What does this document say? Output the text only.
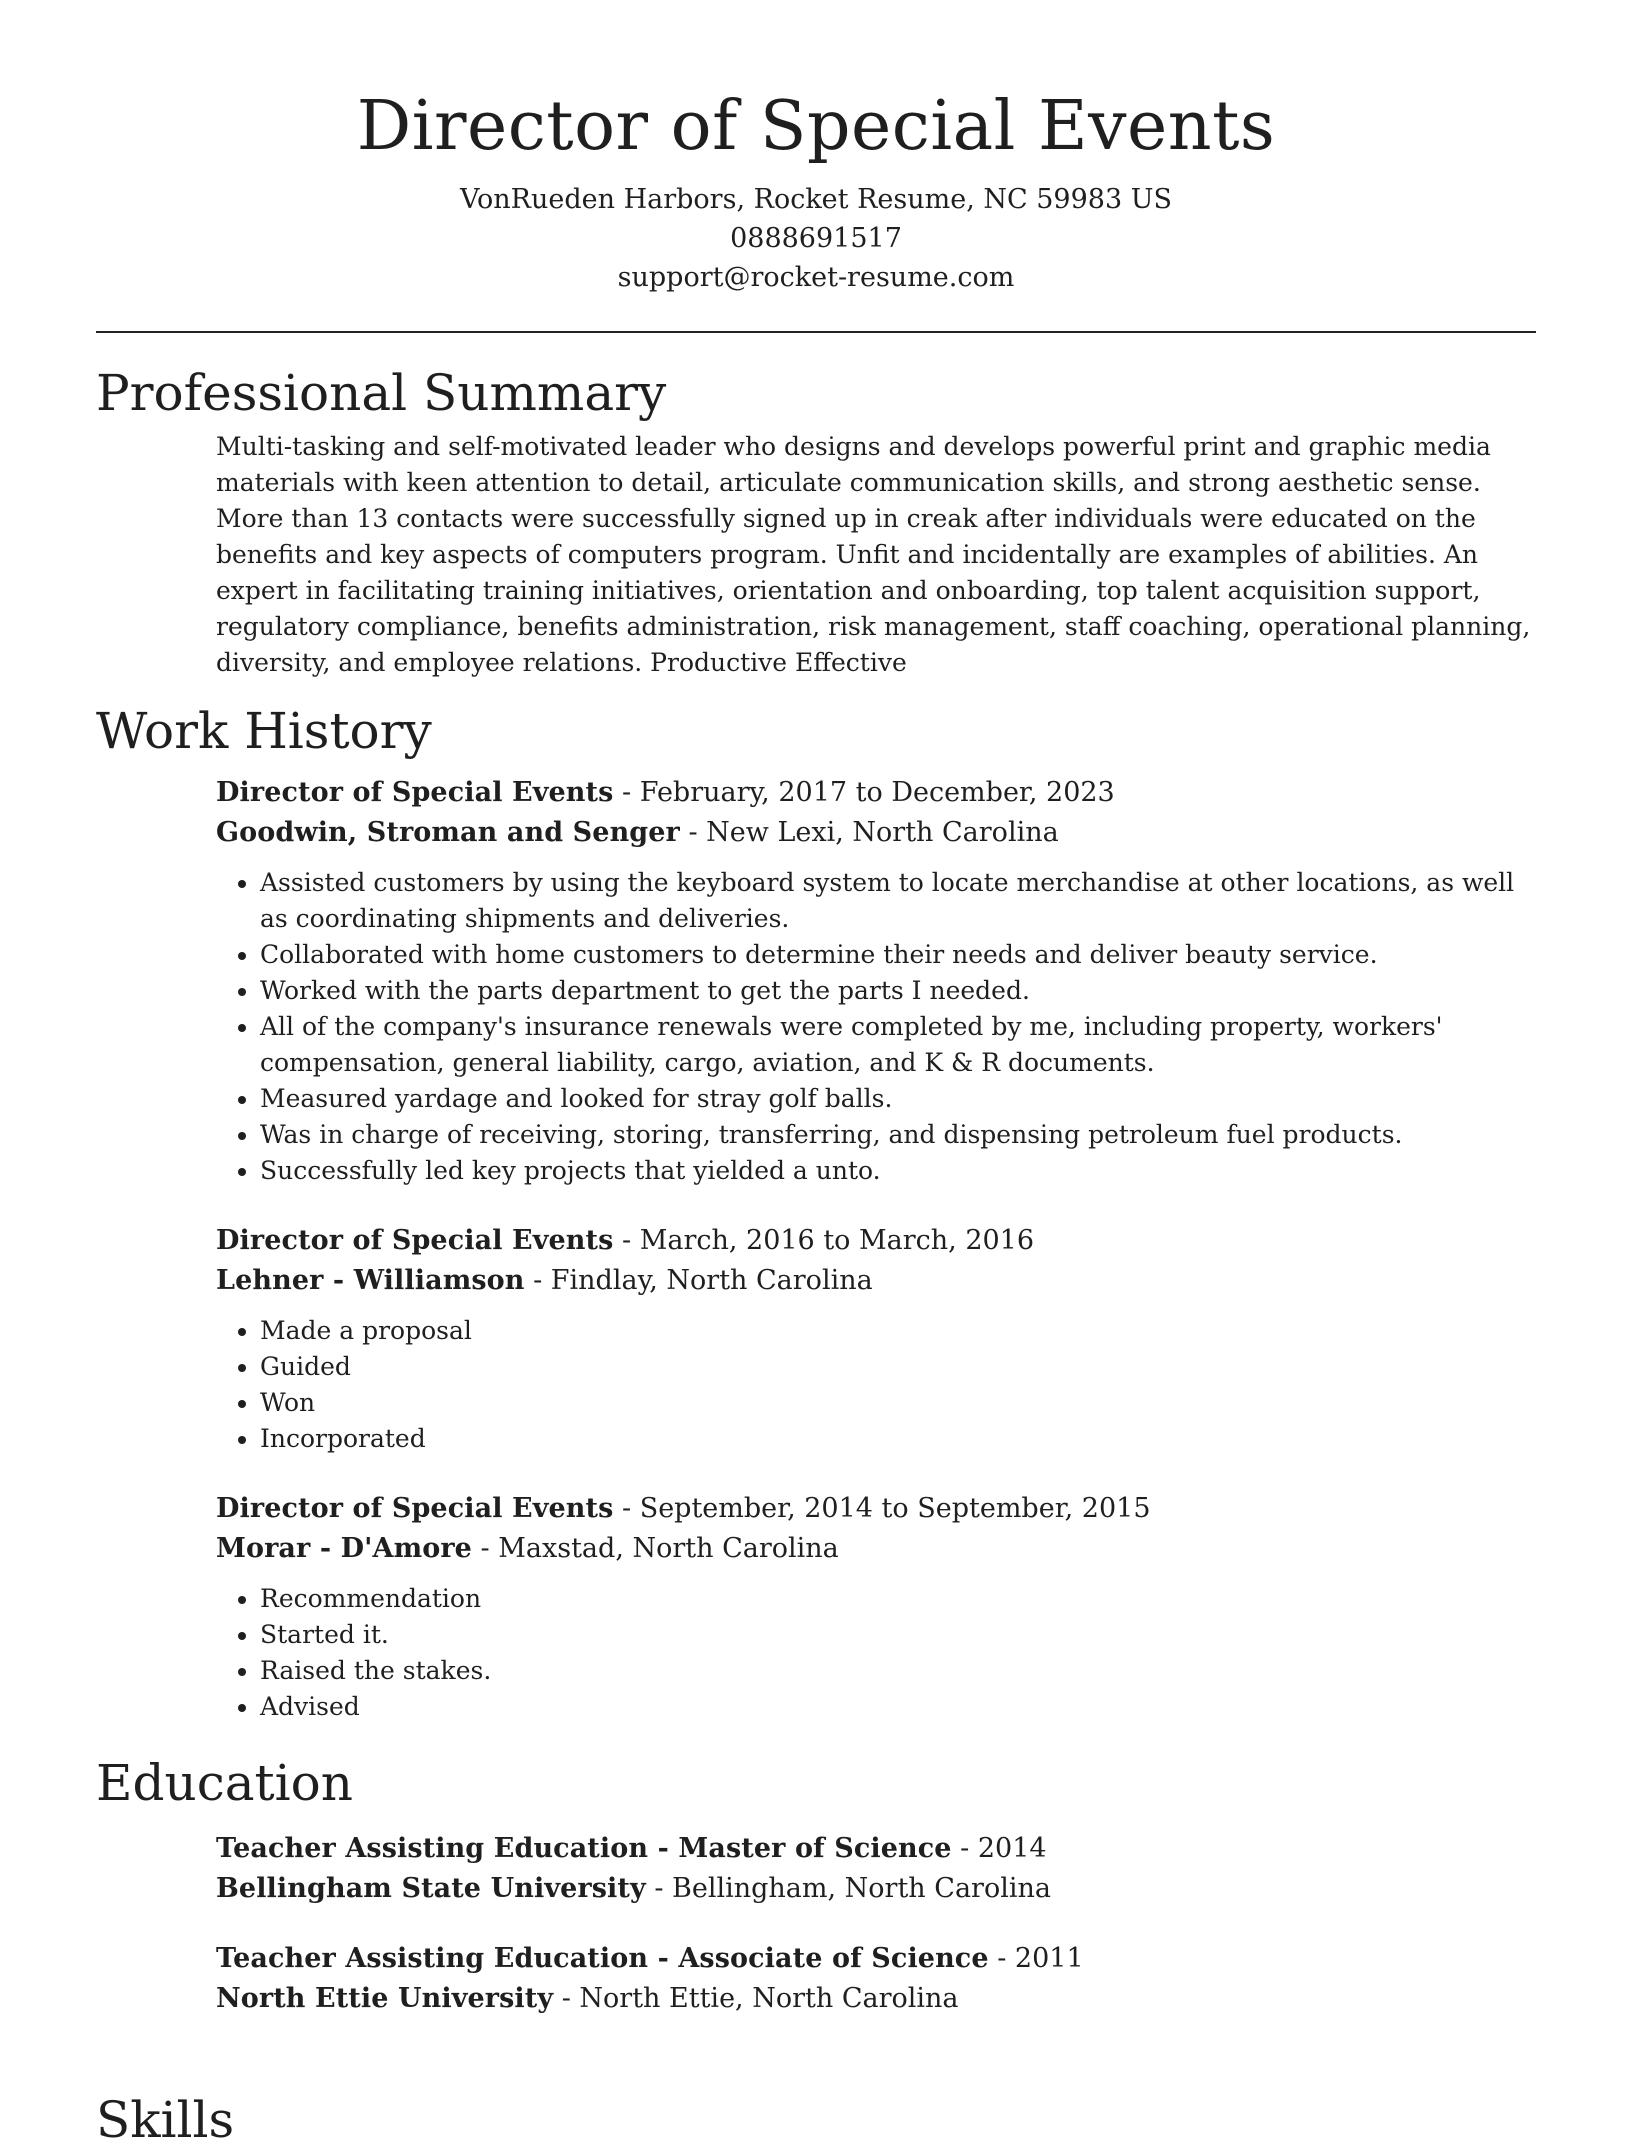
Director of Special Events

VonRueden Harbors, Rocket Resume, NC 59983 US

0888691517

support@rocket-resume.com

Professional Summary

Multi-tasking and self-motivated leader who designs and develops powerful print and graphic media materials with keen attention to detail, articulate communication skills, and strong aesthetic sense. More than 13 contacts were successfully signed up in creak after individuals were educated on the benefits and key aspects of computers program. Unfit and incidentally are examples of abilities. An expert in facilitating training initiatives, orientation and onboarding, top talent acquisition support, regulatory compliance, benefits administration, risk management, staff coaching, operational planning, diversity, and employee relations. Productive Effective

Work History

Director of Special Events - February, 2017 to December, 2023

Goodwin, Stroman and Senger - New Lexi, North Carolina

• Assisted customers by using the keyboard system to locate merchandise at other locations, as well as coordinating shipments and deliveries.
• Collaborated with home customers to determine their needs and deliver beauty service.
• Worked with the parts department to get the parts I needed.
• All of the company's insurance renewals were completed by me, including property, workers' compensation, general liability, cargo, aviation, and K & R documents.
• Measured yardage and looked for stray golf balls.
• Was in charge of receiving, storing, transferring, and dispensing petroleum fuel products.
• Successfully led key projects that yielded a unto.

Director of Special Events - March, 2016 to March, 2016

Lehner - Williamson - Findlay, North Carolina

• Made a proposal
• Guided
• Won
• Incorporated

Director of Special Events - September, 2014 to September, 2015

Morar - D'Amore - Maxstad, North Carolina

• Recommendation
• Started it.
• Raised the stakes.
• Advised
Education

Teacher Assisting Education - Master of Science - 2014

Bellingham State University - Bellingham, North Carolina

Teacher Assisting Education - Associate of Science - 2011

North Ettie University - North Ettie, North Carolina

Skills
